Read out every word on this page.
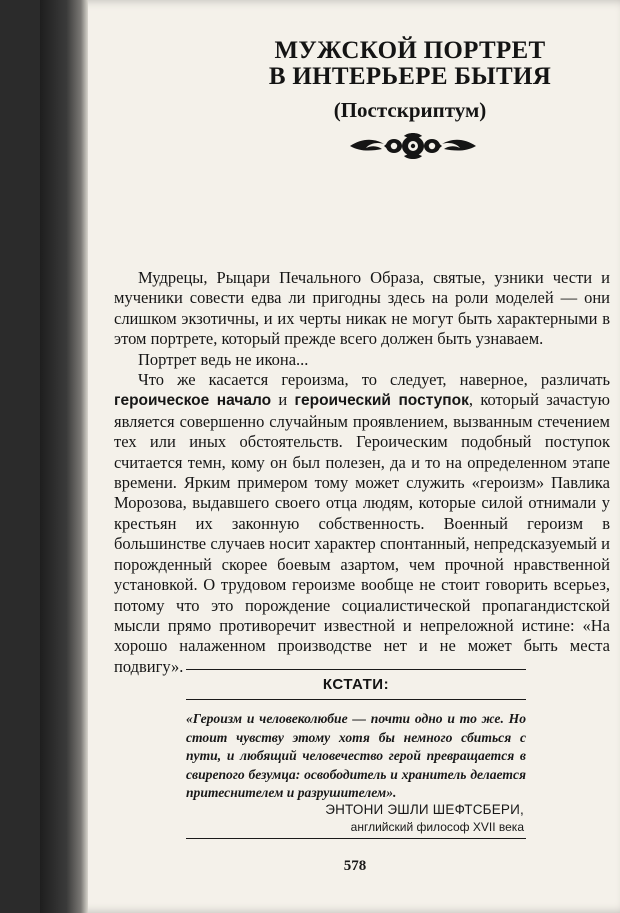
МУЖСКОЙ ПОРТРЕТ
В ИНТЕРЬЕРЕ БЫТИЯ
(Постскриптум)

Мудрецы, Рыцари Печального Образа, святые, узники чести и мученики совести едва ли пригодны здесь на роли моделей — они слишком экзотичны, и их черты никак не могут быть характерными в этом портрете, который прежде всего должен быть узнаваем.

Портрет ведь не икона...

Что же касается героизма, то следует, наверное, различать героическое начало и героический поступок, который зачастую является совершенно случайным проявлением, вызванным стечением тех или иных обстоятельств. Героическим подобный поступок считается темн, кому он был полезен, да и то на определенном этапе времени. Ярким примером тому может служить «героизм» Павлика Морозова, выдавшего своего отца людям, которые силой отнимали у крестьян их законную собственность. Военный героизм в большинстве случаев носит характер спонтанный, непредсказуемый и порожденный скорее боевым азартом, чем прочной нравственной установкой. О трудовом героизме вообще не стоит говорить всерьез, потому что это порождение социалистической пропагандистской мысли прямо противоречит известной и непреложной истине: «На хорошо налаженном производстве нет и не может быть места подвигу».

КСТАТИ:
«Героизм и человеколюбие — почти одно и то же. Но стоит чувству этому хотя бы немного сбиться с пути, и любящий человечество герой превращается в свирепого безумца: освободитель и хранитель делается притеснителем и разрушителем».
ЭНТОНИ ЭШЛИ ШЕФТСБЕРИ,
английский философ XVII века
578
